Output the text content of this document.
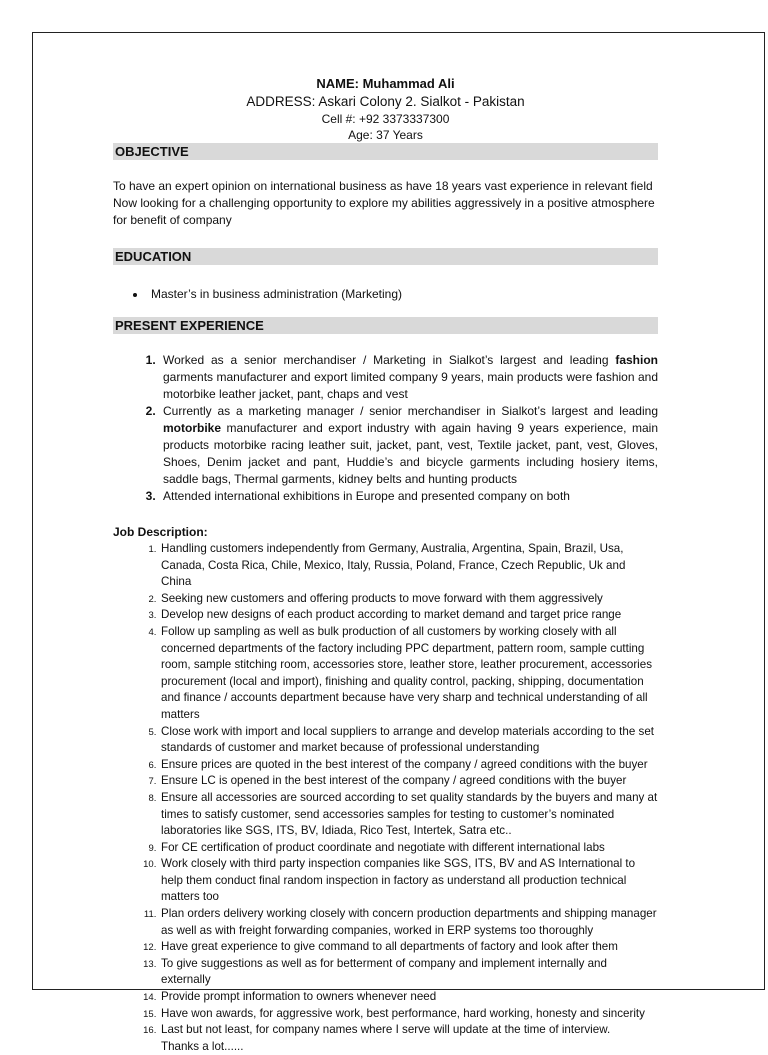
NAME: Muhammad Ali
ADDRESS: Askari Colony 2. Sialkot - Pakistan
Cell #: +92 3373337300
Age: 37 Years
OBJECTIVE

To have an expert opinion on international business as have 18 years vast experience in relevant field Now looking for a challenging opportunity to explore my abilities aggressively in a positive atmosphere for benefit of company

EDUCATION
• Master’s in business administration (Marketing)
PRESENT EXPERIENCE
1. Worked as a senior merchandiser / Marketing in Sialkot’s largest and leading fashion garments manufacturer and export limited company 9 years, main products were fashion and motorbike leather jacket, pant, chaps and vest
2. Currently as a marketing manager / senior merchandiser in Sialkot’s largest and leading motorbike manufacturer and export industry with again having 9 years experience, main products motorbike racing leather suit, jacket, pant, vest, Textile jacket, pant, vest, Gloves, Shoes, Denim jacket and pant, Huddie’s and bicycle garments including hosiery items, saddle bags, Thermal garments, kidney belts and hunting products
3. Attended international exhibitions in Europe and presented company on both

Job Description:

1. Handling customers independently from Germany, Australia, Argentina, Spain, Brazil, Usa, Canada, Costa Rica, Chile, Mexico, Italy, Russia, Poland, France, Czech Republic, Uk and China
2. Seeking new customers and offering products to move forward with them aggressively
3. Develop new designs of each product according to market demand and target price range
4. Follow up sampling as well as bulk production of all customers by working closely with all concerned departments of the factory including PPC department, pattern room, sample cutting room, sample stitching room, accessories store, leather store, leather procurement, accessories procurement (local and import), finishing and quality control, packing, shipping, documentation and finance / accounts department because have very sharp and technical understanding of all matters
5. Close work with import and local suppliers to arrange and develop materials according to the set standards of customer and market because of professional understanding
6. Ensure prices are quoted in the best interest of the company / agreed conditions with the buyer
7. Ensure LC is opened in the best interest of the company / agreed conditions with the buyer
8. Ensure all accessories are sourced according to set quality standards by the buyers and many at times to satisfy customer, send accessories samples for testing to customer’s nominated laboratories like SGS, ITS, BV, Idiada, Rico Test, Intertek, Satra etc..
9. For CE certification of product coordinate and negotiate with different international labs
10. Work closely with third party inspection companies like SGS, ITS, BV and AS International to help them conduct final random inspection in factory as understand all production technical matters too
11. Plan orders delivery working closely with concern production departments and shipping manager as well as with freight forwarding companies, worked in ERP systems too thoroughly
12. Have great experience to give command to all departments of factory and look after them
13. To give suggestions as well as for betterment of company and implement internally and externally
14. Provide prompt information to owners whenever need
15. Have won awards, for aggressive work, best performance, hard working, honesty and sincerity
16. Last but not least, for company names where I serve will update at the time of interview.
Thanks a lot......
